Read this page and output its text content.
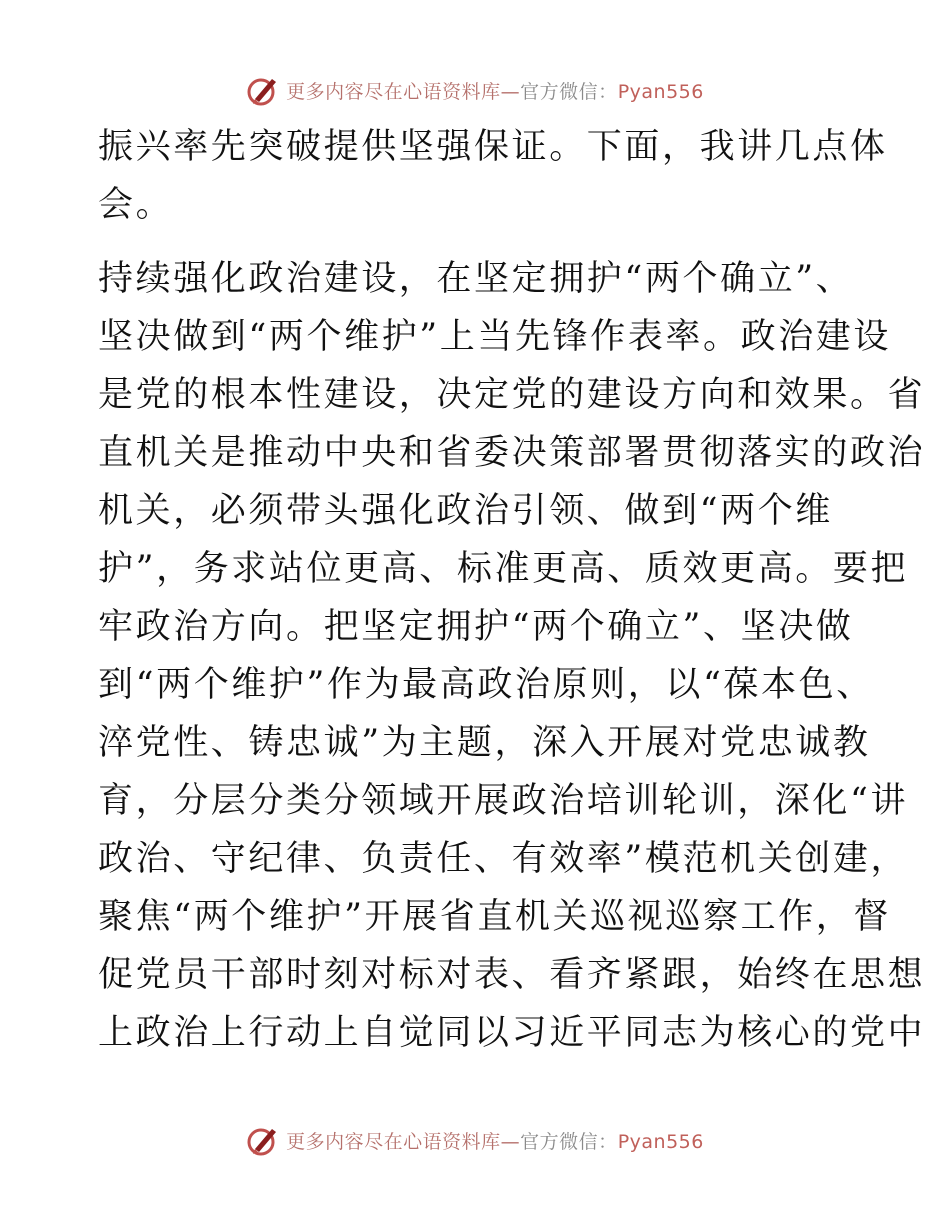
更多内容尽在心语资料库—官方微信：Pyan556
振兴率先突破提供坚强保证。下面，我讲几点体
会。
持续强化政治建设，在坚定拥护“两个确立”、
坚决做到“两个维护”上当先锋作表率。政治建设
是党的根本性建设，决定党的建设方向和效果。省
直机关是推动中央和省委决策部署贯彻落实的政治
机关，必须带头强化政治引领、做到“两个维
护”，务求站位更高、标准更高、质效更高。要把
牢政治方向。把坚定拥护“两个确立”、坚决做
到“两个维护”作为最高政治原则，以“葆本色、
淬党性、铸忠诚”为主题，深入开展对党忠诚教
育，分层分类分领域开展政治培训轮训，深化“讲
政治、守纪律、负责任、有效率”模范机关创建，
聚焦“两个维护”开展省直机关巡视巡察工作，督
促党员干部时刻对标对表、看齐紧跟，始终在思想
上政治上行动上自觉同以习近平同志为核心的党中
更多内容尽在心语资料库—官方微信：Pyan556
